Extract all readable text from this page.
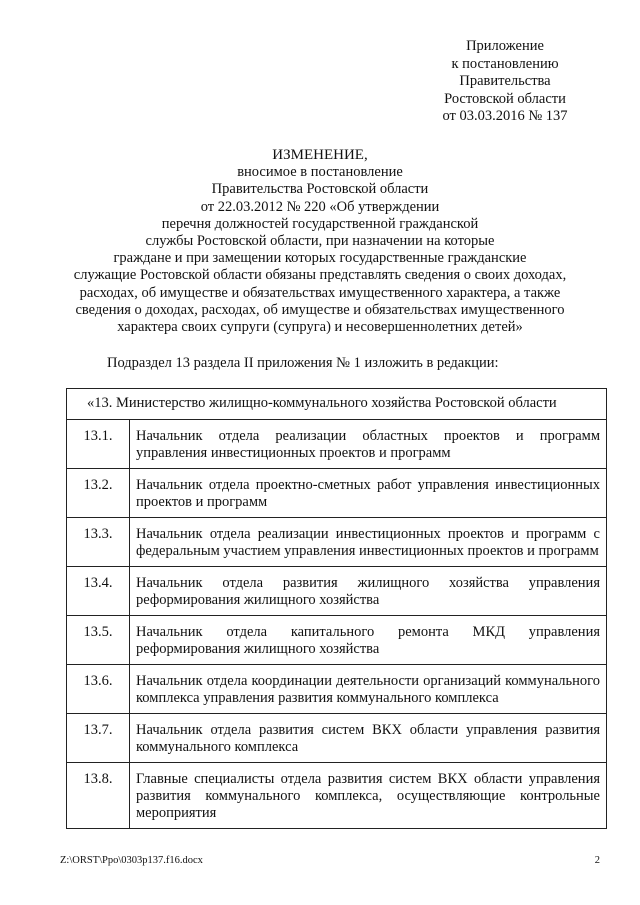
Приложение
к постановлению
Правительства
Ростовской области
от 03.03.2016 № 137
ИЗМЕНЕНИЕ,
вносимое в постановление
Правительства Ростовской области
от 22.03.2012 № 220 «Об утверждении
перечня должностей государственной гражданской
службы Ростовской области, при назначении на которые
граждане и при замещении которых государственные гражданские
служащие Ростовской области обязаны представлять сведения о своих доходах,
расходах, об имуществе и обязательствах имущественного характера, а также
сведения о доходах, расходах, об имуществе и обязательствах имущественного
характера своих супруги (супруга) и несовершеннолетних детей»
Подраздел 13 раздела II приложения № 1 изложить в редакции:
«13. Министерство жилищно-коммунального хозяйства Ростовской области	
13.1.	Начальник отдела реализации областных проектов и программ управления инвестиционных проектов и программ
13.2.	Начальник отдела проектно-сметных работ управления инвестиционных проектов и программ
13.3.	Начальник отдела реализации инвестиционных проектов и программ с федеральным участием управления инвестиционных проектов и программ
13.4.	Начальник отдела развития жилищного хозяйства управления реформирования жилищного хозяйства
13.5.	Начальник отдела капитального ремонта МКД управления реформирования жилищного хозяйства
13.6.	Начальник отдела координации деятельности организаций коммунального комплекса управления развития коммунального комплекса
13.7.	Начальник отдела развития систем ВКХ области управления развития коммунального комплекса
13.8.	Главные специалисты отдела развития систем ВКХ области управления развития коммунального комплекса, осуществляющие контрольные мероприятия
Z:\ORST\Ppo\0303p137.f16.docx	2
